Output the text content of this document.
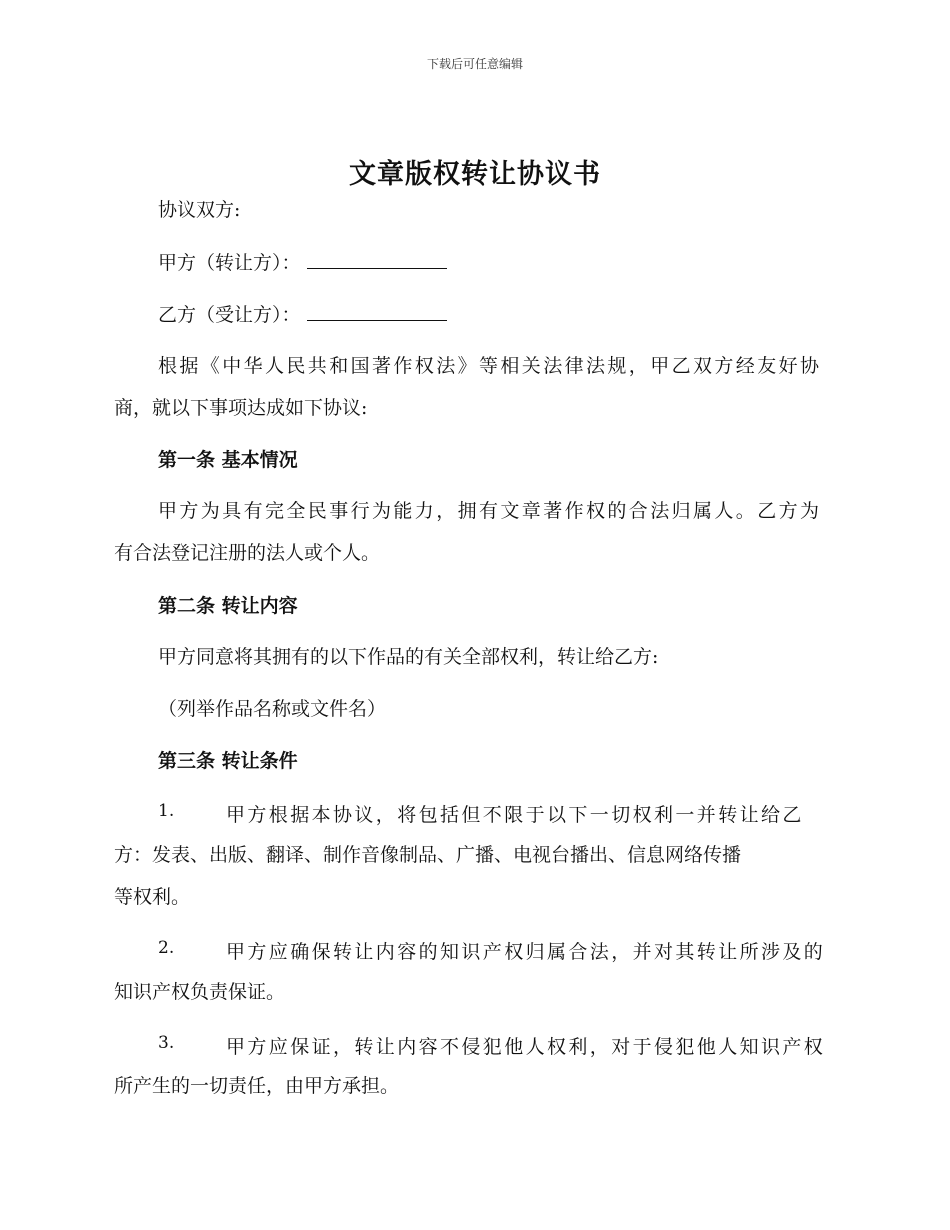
下载后可任意编辑
文章版权转让协议书
协议双方:
甲方（转让方）：
乙方（受让方）：
根据《中华人民共和国著作权法》等相关法律法规，甲乙双方经友好协
商，就以下事项达成如下协议:
第一条 基本情况
甲方为具有完全民事行为能力，拥有文章著作权的合法归属人。乙方为
有合法登记注册的法人或个人。
第二条 转让内容
甲方同意将其拥有的以下作品的有关全部权利，转让给乙方:
（列举作品名称或文件名）
第三条 转让条件
1.	甲方根据本协议，将包括但不限于以下一切权利一并转让给乙
方：发表、出版、翻译、制作音像制品、广播、电视台播出、信息网络传播
等权利。
2.	甲方应确保转让内容的知识产权归属合法，并对其转让所涉及的
知识产权负责保证。
3.	甲方应保证，转让内容不侵犯他人权利，对于侵犯他人知识产权
所产生的一切责任，由甲方承担。
